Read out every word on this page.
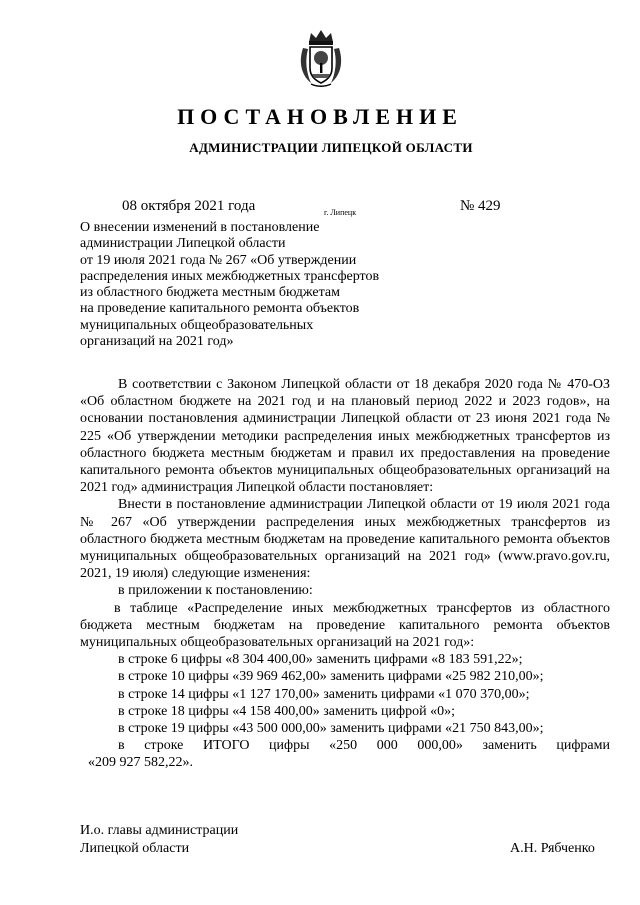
ПОСТАНОВЛЕНИЕ
АДМИНИСТРАЦИИ ЛИПЕЦКОЙ ОБЛАСТИ
08 октября 2021 года	г. Липецк	№ 429
О внесении изменений в постановление
администрации Липецкой области
от 19 июля 2021 года № 267 «Об утверждении
распределения иных межбюджетных трансфертов
из областного бюджета местным бюджетам
на проведение капитального ремонта объектов
муниципальных общеобразовательных
организаций на 2021 год»
В соответствии с Законом Липецкой области от 18 декабря 2020 года № 470-ОЗ «Об областном бюджете на 2021 год и на плановый период 2022 и 2023 годов», на основании постановления администрации Липецкой области от 23 июня 2021 года № 225 «Об утверждении методики распределения иных межбюджетных трансфертов из областного бюджета местным бюджетам и правил их предоставления на проведение капитального ремонта объектов муниципальных общеобразовательных организаций на 2021 год» администрация Липецкой области постановляет:
Внести в постановление администрации Липецкой области от 19 июля 2021 года № 267 «Об утверждении распределения иных межбюджетных трансфертов из областного бюджета местным бюджетам на проведение капитального ремонта объектов муниципальных общеобразовательных организаций на 2021 год» (www.pravo.gov.ru, 2021, 19 июля) следующие изменения:
в приложении к постановлению:
в таблице «Распределение иных межбюджетных трансфертов из областного бюджета местным бюджетам на проведение капитального ремонта объектов муниципальных общеобразовательных организаций на 2021 год»:
в строке 6 цифры «8 304 400,00» заменить цифрами «8 183 591,22»;
в строке 10 цифры «39 969 462,00» заменить цифрами «25 982 210,00»;
в строке 14 цифры «1 127 170,00» заменить цифрами «1 070 370,00»;
в строке 18 цифры «4 158 400,00» заменить цифрой «0»;
в строке 19 цифры «43 500 000,00» заменить цифрами «21 750 843,00»;
в строке ИТОГО цифры «250 000 000,00» заменить цифрами
«209 927 582,22».
И.о. главы администрации
Липецкой области	А.Н. Рябченко
